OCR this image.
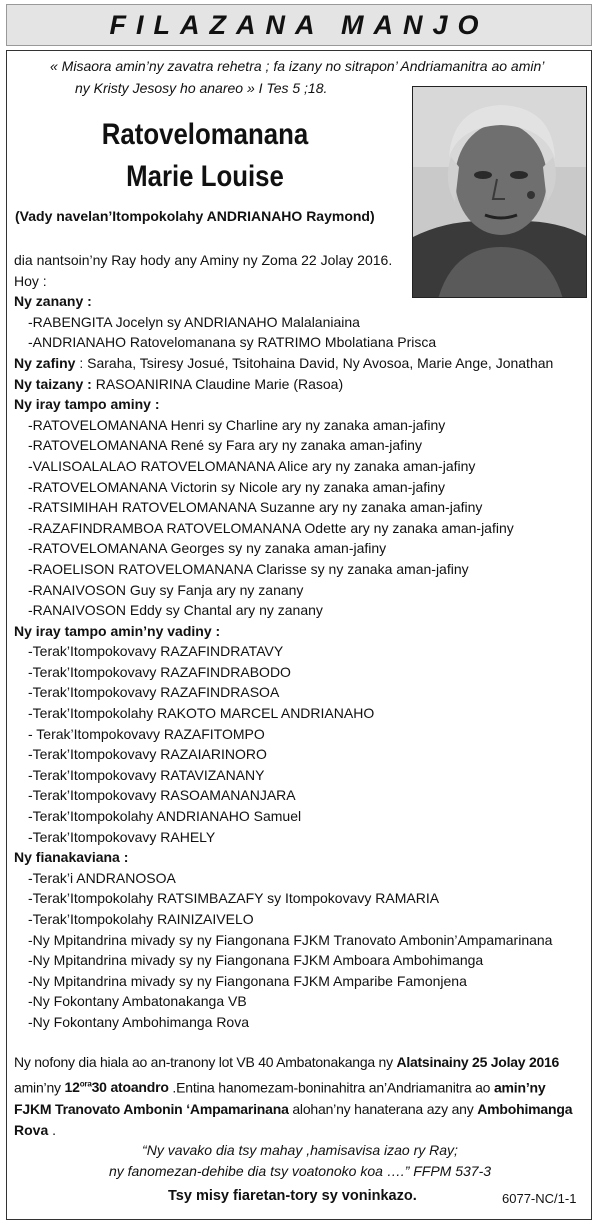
FILAZANA MANJO
« Misaora amin’ny zavatra rehetra ; fa izany no sitrapon’ Andriamanitra ao amin’
ny Kristy Jesosy ho anareo » I Tes 5 ;18.
Ratovelomanana
Marie Louise
(Vady navelan’Itompokolahy ANDRIANAHO Raymond)
dia nantsoin’ny Ray hody any Aminy ny Zoma 22 Jolay 2016.
Hoy :
Ny zanany :
-RABENGITA Jocelyn sy ANDRIANAHO Malalaniaina
-ANDRIANAHO Ratovelomanana sy RATRIMO Mbolatiana Prisca
Ny zafiny : Saraha, Tsiresy Josué, Tsitohaina David, Ny Avosoa, Marie Ange, Jonathan
Ny taizany : RASOANIRINA Claudine Marie (Rasoa)
Ny iray tampo aminy :
-RATOVELOMANANA Henri sy Charline ary ny zanaka aman-jafiny
-RATOVELOMANANA René sy Fara ary ny zanaka aman-jafiny
-VALISOALALAO RATOVELOMANANA Alice ary ny zanaka aman-jafiny
-RATOVELOMANANA Victorin sy Nicole ary ny zanaka aman-jafiny
-RATSIMIHAH RATOVELOMANANA Suzanne ary ny zanaka aman-jafiny
-RAZAFINDRAMBOA RATOVELOMANANA Odette ary ny zanaka aman-jafiny
-RATOVELOMANANA Georges sy ny zanaka aman-jafiny
-RAOELISON RATOVELOMANANA Clarisse sy ny zanaka aman-jafiny
-RANAIVOSON Guy sy Fanja ary ny zanany
-RANAIVOSON Eddy sy Chantal ary ny zanany
Ny iray tampo amin’ny vadiny :
-Terak’Itompokovavy RAZAFINDRATAVY
-Terak’Itompokovavy RAZAFINDRABODO
-Terak’Itompokovavy RAZAFINDRASOA
-Terak’Itompokolahy RAKOTO MARCEL ANDRIANAHO
- Terak’Itompokovavy RAZAFITOMPO
-Terak’Itompokovavy RAZAIARINORO
-Terak’Itompokovavy RATAVIZANANY
-Terak’Itompokovavy RASOAMANANJARA
-Terak’Itompokolahy ANDRIANAHO Samuel
-Terak’Itompokovavy RAHELY
Ny fianakaviana :
-Terak’i ANDRANOSOA
-Terak’Itompokolahy RATSIMBAZAFY sy Itompokovavy RAMARIA
-Terak’Itompokolahy RAINIZAIVELO
-Ny Mpitandrina mivady sy ny Fiangonana FJKM Tranovato Ambonin’Ampamarinana
-Ny Mpitandrina mivady sy ny Fiangonana FJKM Amboara Ambohimanga
-Ny Mpitandrina mivady sy ny Fiangonana FJKM Amparibe Famonjena
-Ny Fokontany Ambatonakanga VB
-Ny Fokontany Ambohimanga Rova
Ny nofony dia hiala ao an-tranony lot VB 40 Ambatonakanga ny Alatsinainy 25 Jolay 2016
amin’ny $12^{ora}30$ atoandro .Entina hanomezam-boninahitra an’Andriamanitra ao amin’ny
FJKM Tranovato Ambonin ‘Ampamarinana alohan’ny hanaterana azy any Ambohimanga
Rova .
“Ny vavako dia tsy mahay ,hamisavisa izao ry Ray;
ny fanomezan-dehibe dia tsy voatonoko koa ….” FFPM 537-3
Tsy misy fiaretan-tory sy voninkazo.	6077-NC/1-1
